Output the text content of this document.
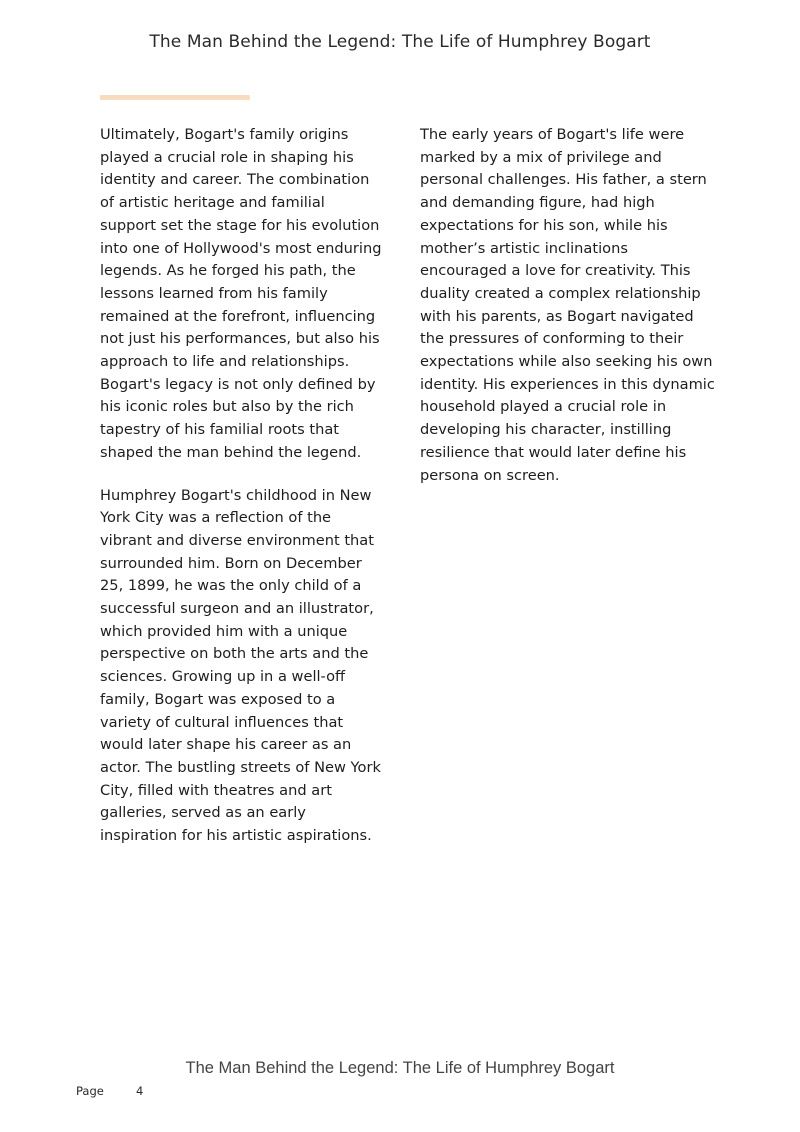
The Man Behind the Legend: The Life of Humphrey Bogart

Ultimately, Bogart's family origins played a crucial role in shaping his identity and career. The combination of artistic heritage and familial support set the stage for his evolution into one of Hollywood's most enduring legends. As he forged his path, the lessons learned from his family remained at the forefront, influencing not just his performances, but also his approach to life and relationships. Bogart's legacy is not only defined by his iconic roles but also by the rich tapestry of his familial roots that shaped the man behind the legend.

Humphrey Bogart's childhood in New York City was a reflection of the vibrant and diverse environment that surrounded him. Born on December 25, 1899, he was the only child of a successful surgeon and an illustrator, which provided him with a unique perspective on both the arts and the sciences. Growing up in a well-off family, Bogart was exposed to a variety of cultural influences that would later shape his career as an actor. The bustling streets of New York City, filled with theatres and art galleries, served as an early inspiration for his artistic aspirations.

The early years of Bogart's life were marked by a mix of privilege and personal challenges. His father, a stern and demanding figure, had high expectations for his son, while his mother’s artistic inclinations encouraged a love for creativity. This duality created a complex relationship with his parents, as Bogart navigated the pressures of conforming to their expectations while also seeking his own identity. His experiences in this dynamic household played a crucial role in developing his character, instilling resilience that would later define his persona on screen.

The Man Behind the Legend: The Life of Humphrey Bogart
Page	4
